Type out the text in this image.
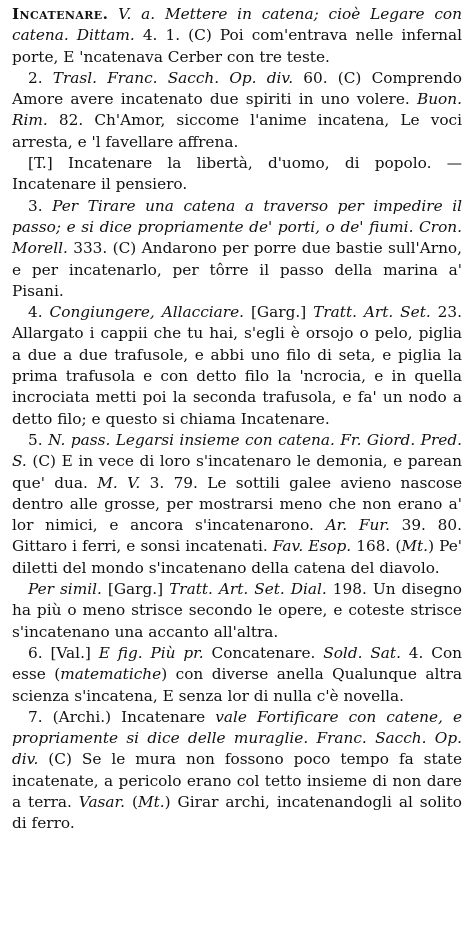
Incatenare. V. a. Mettere in catena; cioè Legare con catena. Dittam. 4. 1. (C) Poi com'entrava nelle infernal porte, E 'ncatenava Cerber con tre teste.

2. Trasl. Franc. Sacch. Op. div. 60. (C) Comprendo Amore avere incatenato due spiriti in uno volere. Buon. Rim. 82. Ch'Amor, siccome l'anime incatena, Le voci arresta, e 'l favellare affrena.

[T.] Incatenare la libertà, d'uomo, di popolo. — Incatenare il pensiero.

3. Per Tirare una catena a traverso per impedire il passo; e si dice propriamente de' porti, o de' fiumi. Cron. Morell. 333. (C) Andarono per porre due bastie sull'Arno, e per incatenarlo, per tôrre il passo della marina a' Pisani.

4. Congiungere, Allacciare. [Garg.] Tratt. Art. Set. 23. Allargato i cappii che tu hai, s'egli è orsojo o pelo, piglia a due a due trafusole, e abbi uno filo di seta, e piglia la prima trafusola e con detto filo la 'ncrocia, e in quella incrociata metti poi la seconda trafusola, e fa' un nodo a detto filo; e questo si chiama Incatenare.

5. N. pass. Legarsi insieme con catena. Fr. Giord. Pred. S. (C) E in vece di loro s'incatenaro le demonia, e parean que' dua. M. V. 3. 79. Le sottili galee avieno nascose dentro alle grosse, per mostrarsi meno che non erano a' lor nimici, e ancora s'incatenarono. Ar. Fur. 39. 80. Gittaro i ferri, e sonsi incatenati. Fav. Esop. 168. (Mt.) Pe' diletti del mondo s'incatenano della catena del diavolo.

Per simil. [Garg.] Tratt. Art. Set. Dial. 198. Un disegno ha più o meno strisce secondo le opere, e coteste strisce s'incatenano una accanto all'altra.

6. [Val.] E fig. Più pr. Concatenare. Sold. Sat. 4. Con esse (matematiche) con diverse anella Qualunque altra scienza s'incatena, E senza lor di nulla c'è novella.

7. (Archi.) Incatenare vale Fortificare con catene, e propriamente si dice delle muraglie. Franc. Sacch. Op. div. (C) Se le mura non fossono poco tempo fa state incatenate, a pericolo erano col tetto insieme di non dare a terra. Vasar. (Mt.) Girar archi, incatenandogli al solito di ferro.
